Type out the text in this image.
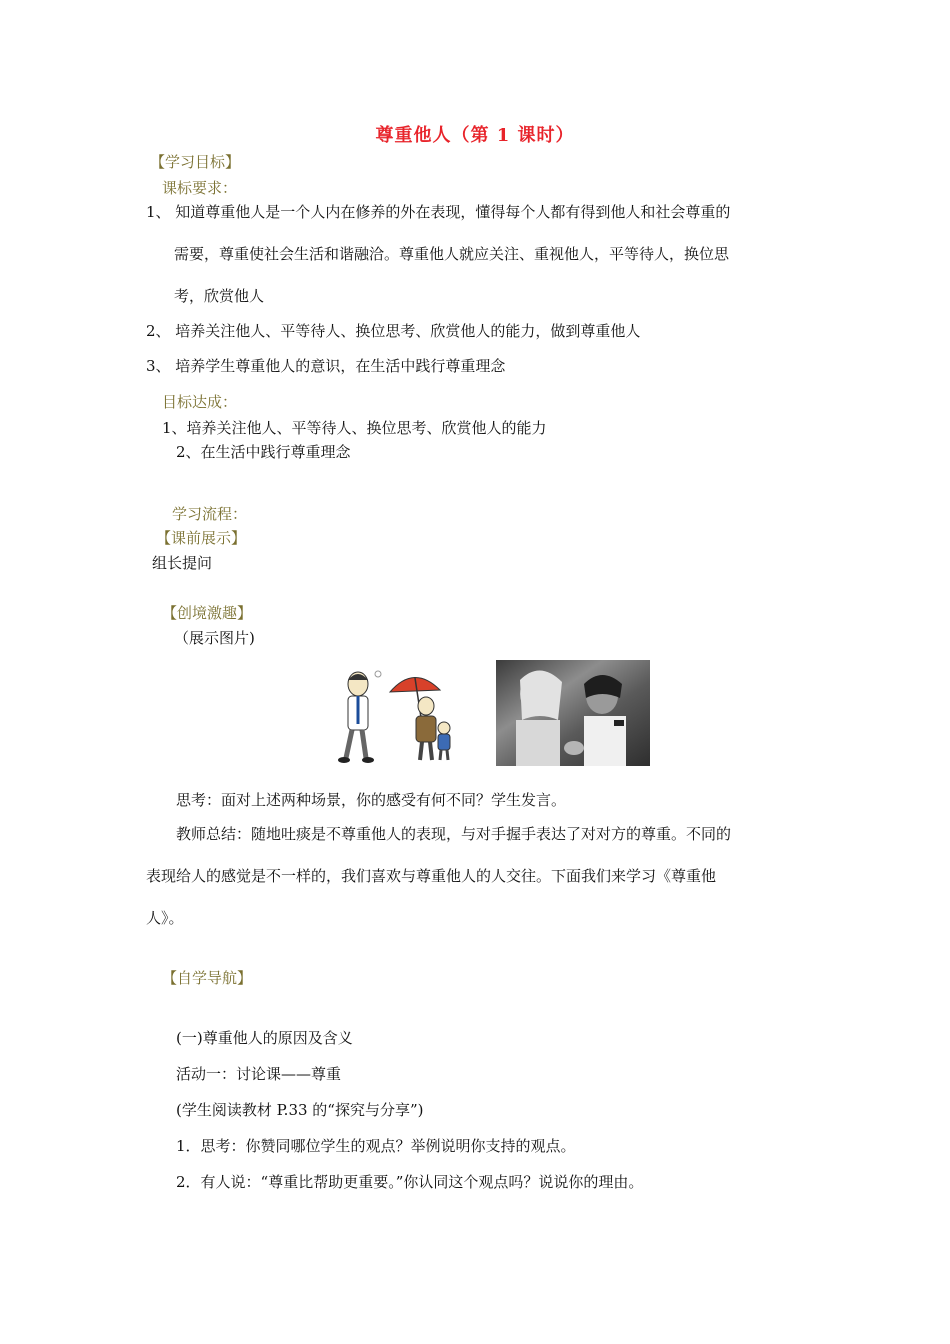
尊重他人（第 1 课时）
【学习目标】
课标要求：
1、 知道尊重他人是一个人内在修养的外在表现，懂得每个人都有得到他人和社会尊重的
需要，尊重使社会生活和谐融洽。尊重他人就应关注、重视他人，平等待人，换位思
考，欣赏他人
2、 培养关注他人、平等待人、换位思考、欣赏他人的能力，做到尊重他人
3、 培养学生尊重他人的意识，在生活中践行尊重理念
目标达成：
1、培养关注他人、平等待人、换位思考、欣赏他人的能力
2、在生活中践行尊重理念
学习流程：
【课前展示】
组长提问
【创境激趣】
（展示图片)
思考：面对上述两种场景，你的感受有何不同？学生发言。
教师总结：随地吐痰是不尊重他人的表现，与对手握手表达了对对方的尊重。不同的
表现给人的感觉是不一样的，我们喜欢与尊重他人的人交往。下面我们来学习《尊重他
人》。
【自学导航】
(一)尊重他人的原因及含义
活动一：讨论课——尊重
(学生阅读教材 P.33 的“探究与分享”)
1．思考：你赞同哪位学生的观点？举例说明你支持的观点。
2．有人说：“尊重比帮助更重要。”你认同这个观点吗？说说你的理由。
